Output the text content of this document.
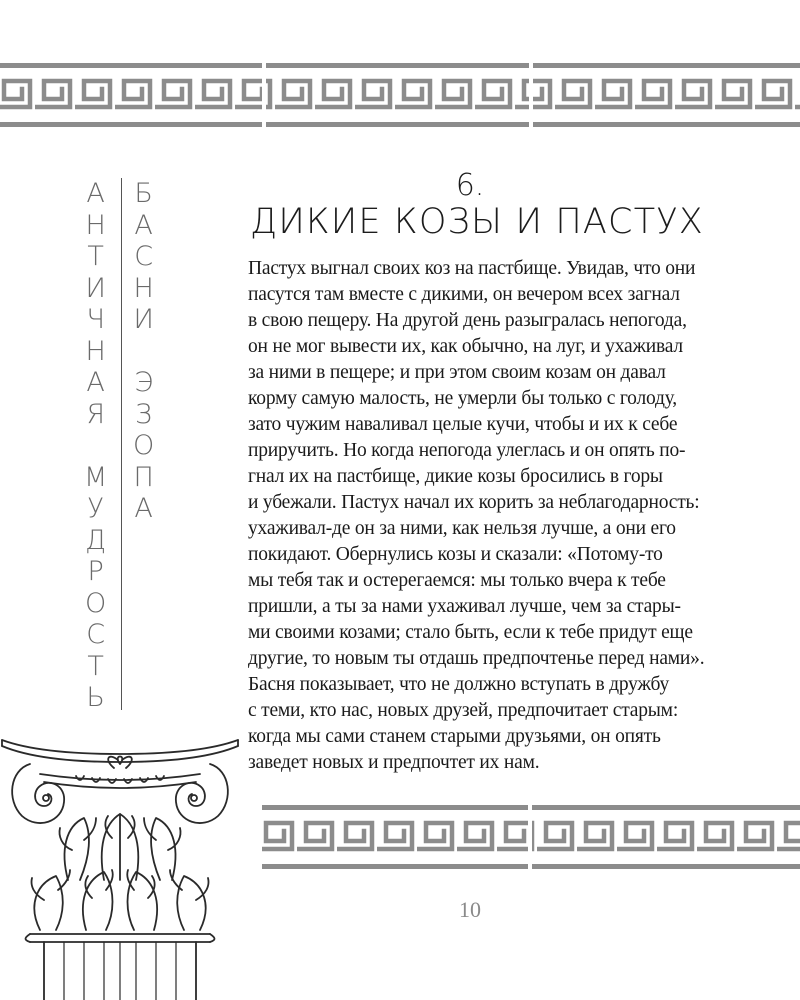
А
Н
Т
И
Ч
Н
А
Я
М
У
Д
Р
О
С
Т
Ь
Б
А
С
Н
И
Э
З
О
П
А
6.
ДИКИЕ КОЗЫ И ПАСТУХ
Пастух выгнал своих коз на пастбище. Увидав, что они
пасутся там вместе с дикими, он вечером всех загнал
в свою пещеру. На другой день разыгралась непогода,
он не мог вывести их, как обычно, на луг, и ухаживал
за ними в пещере; и при этом своим козам он давал
корму самую малость, не умерли бы только с голоду,
зато чужим наваливал целые кучи, чтобы и их к себе
приручить. Но когда непогода улеглась и он опять по-
гнал их на пастбище, дикие козы бросились в горы
и убежали. Пастух начал их корить за неблагодарность:
ухаживал-де он за ними, как нельзя лучше, а они его
покидают. Обернулись козы и сказали: «Потому-то
мы тебя так и остерегаемся: мы только вчера к тебе
пришли, а ты за нами ухаживал лучше, чем за стары-
ми своими козами; стало быть, если к тебе придут еще
другие, то новым ты отдашь предпочтенье перед нами».
Басня показывает, что не должно вступать в дружбу
с теми, кто нас, новых друзей, предпочитает старым:
когда мы сами станем старыми друзьями, он опять
заведет новых и предпочтет их нам.
10
